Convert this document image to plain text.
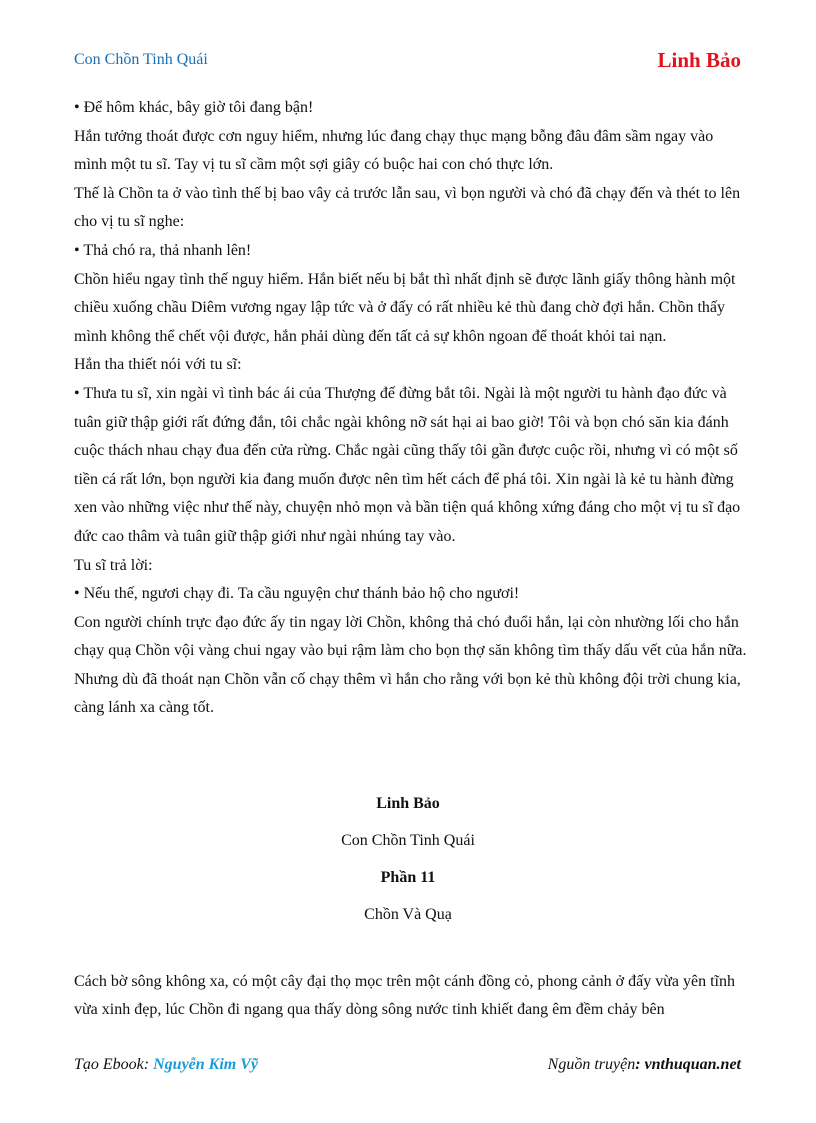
Con Chồn Tinh Quái	Linh Bảo

• Để hôm khác, bây giờ tôi đang bận!

Hắn tưởng thoát được cơn nguy hiểm, nhưng lúc đang chạy thục mạng bỗng đâu đâm sầm ngay vào mình một tu sĩ. Tay vị tu sĩ cầm một sợi giây có buộc hai con chó thực lớn.

Thế là Chồn ta ở vào tình thế bị bao vây cả trước lẫn sau, vì bọn người và chó đã chạy đến và thét to lên cho vị tu sĩ nghe:

• Thả chó ra, thả nhanh lên!

Chồn hiểu ngay tình thế nguy hiểm. Hắn biết nếu bị bắt thì nhất định sẽ được lãnh giấy thông hành một chiều xuống chầu Diêm vương ngay lập tức và ở đấy có rất nhiều kẻ thù đang chờ đợi hắn. Chồn thấy mình không thể chết vội được, hắn phải dùng đến tất cả sự khôn ngoan để thoát khỏi tai nạn.

Hắn tha thiết nói với tu sĩ:

• Thưa tu sĩ, xin ngài vì tình bác ái của Thượng đế đừng bắt tôi. Ngài là một người tu hành đạo đức và tuân giữ thập giới rất đứng đắn, tôi chắc ngài không nỡ sát hại ai bao giờ! Tôi và bọn chó săn kia đánh cuộc thách nhau chạy đua đến cửa rừng. Chắc ngài cũng thấy tôi gần được cuộc rồi, nhưng vì có một số tiền cá rất lớn, bọn người kia đang muốn được nên tìm hết cách để phá tôi. Xin ngài là kẻ tu hành đừng xen vào những việc như thế này, chuyện nhỏ mọn và bần tiện quá không xứng đáng cho một vị tu sĩ đạo đức cao thâm và tuân giữ thập giới như ngài nhúng tay vào.

Tu sĩ trả lời:

• Nếu thế, ngươi chạy đi. Ta cầu nguyện chư thánh bảo hộ cho ngươi!

Con người chính trực đạo đức ấy tin ngay lời Chồn, không thả chó đuổi hắn, lại còn nhường lối cho hắn chạy quạ Chồn vội vàng chui ngay vào bụi rậm làm cho bọn thợ săn không tìm thấy dấu vết của hắn nữa. Nhưng dù đã thoát nạn Chồn vẫn cố chạy thêm vì hắn cho rằng với bọn kẻ thù không đội trời chung kia, càng lánh xa càng tốt.

Linh Bảo
Con Chồn Tinh Quái
Phần 11
Chồn Và Quạ

Cách bờ sông không xa, có một cây đại thọ mọc trên một cánh đồng cỏ, phong cảnh ở đấy vừa yên tĩnh vừa xinh đẹp, lúc Chồn đi ngang qua thấy dòng sông nước tinh khiết đang êm đềm chảy bên

Tạo Ebook: Nguyễn Kim Vỹ	Nguồn truyện: vnthuquan.net
